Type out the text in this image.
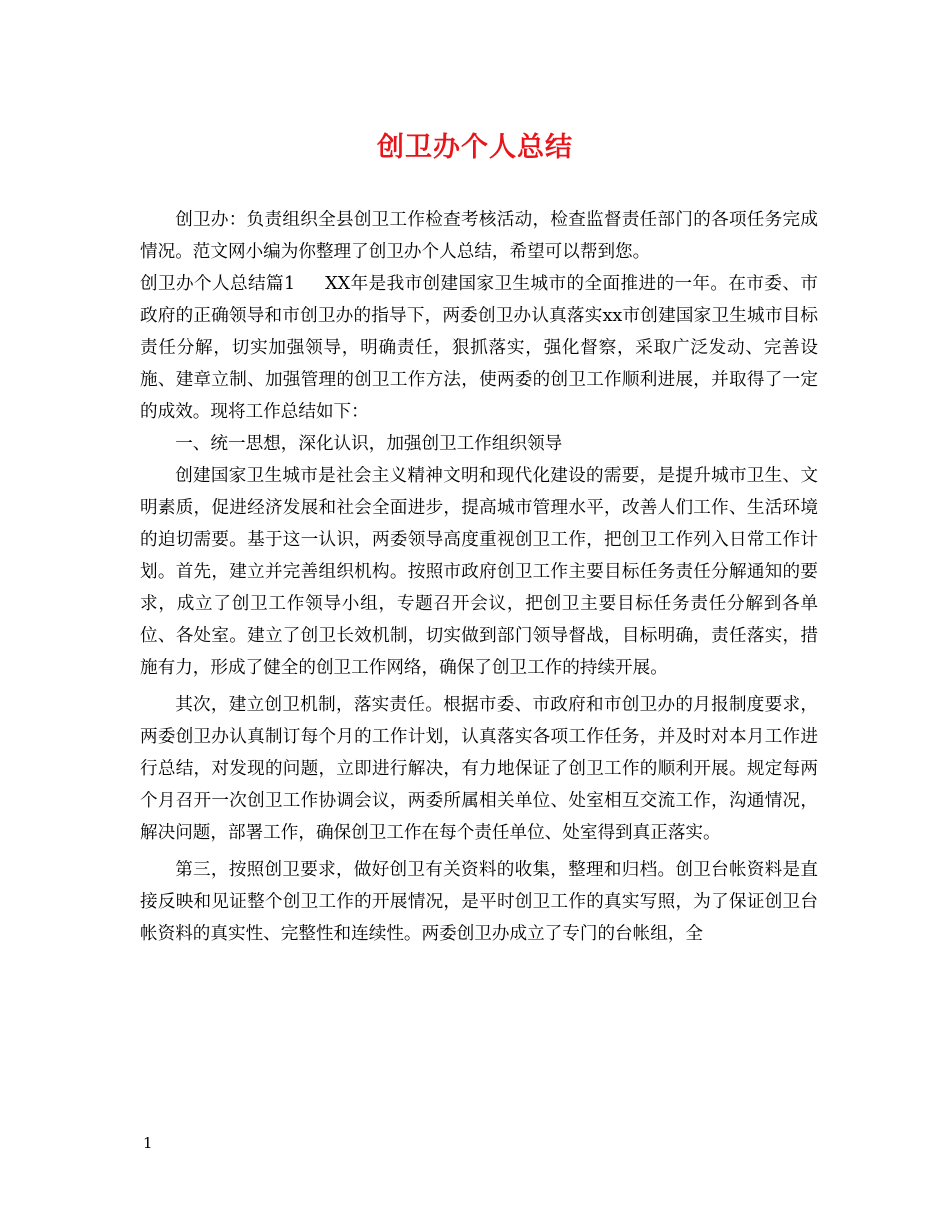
创卫办个人总结

创卫办：负责组织全县创卫工作检查考核活动，检查监督责任部门的各项任务完成情况。范文网小编为你整理了创卫办个人总结，希望可以帮到您。

创卫办个人总结篇1 XX年是我市创建国家卫生城市的全面推进的一年。在市委、市政府的正确领导和市创卫办的指导下，两委创卫办认真落实xx市创建国家卫生城市目标责任分解，切实加强领导，明确责任，狠抓落实，强化督察，采取广泛发动、完善设施、建章立制、加强管理的创卫工作方法，使两委的创卫工作顺利进展，并取得了一定的成效。现将工作总结如下：

一、统一思想，深化认识，加强创卫工作组织领导

创建国家卫生城市是社会主义精神文明和现代化建设的需要，是提升城市卫生、文明素质，促进经济发展和社会全面进步，提高城市管理水平，改善人们工作、生活环境的迫切需要。基于这一认识，两委领导高度重视创卫工作，把创卫工作列入日常工作计划。首先，建立并完善组织机构。按照市政府创卫工作主要目标任务责任分解通知的要求，成立了创卫工作领导小组，专题召开会议，把创卫主要目标任务责任分解到各单位、各处室。建立了创卫长效机制，切实做到部门领导督战，目标明确，责任落实，措施有力，形成了健全的创卫工作网络，确保了创卫工作的持续开展。

其次，建立创卫机制，落实责任。根据市委、市政府和市创卫办的月报制度要求，两委创卫办认真制订每个月的工作计划，认真落实各项工作任务，并及时对本月工作进行总结，对发现的问题，立即进行解决，有力地保证了创卫工作的顺利开展。规定每两个月召开一次创卫工作协调会议，两委所属相关单位、处室相互交流工作，沟通情况，解决问题，部署工作，确保创卫工作在每个责任单位、处室得到真正落实。

第三，按照创卫要求，做好创卫有关资料的收集，整理和归档。创卫台帐资料是直接反映和见证整个创卫工作的开展情况，是平时创卫工作的真实写照，为了保证创卫台帐资料的真实性、完整性和连续性。两委创卫办成立了专门的台帐组，全

1
